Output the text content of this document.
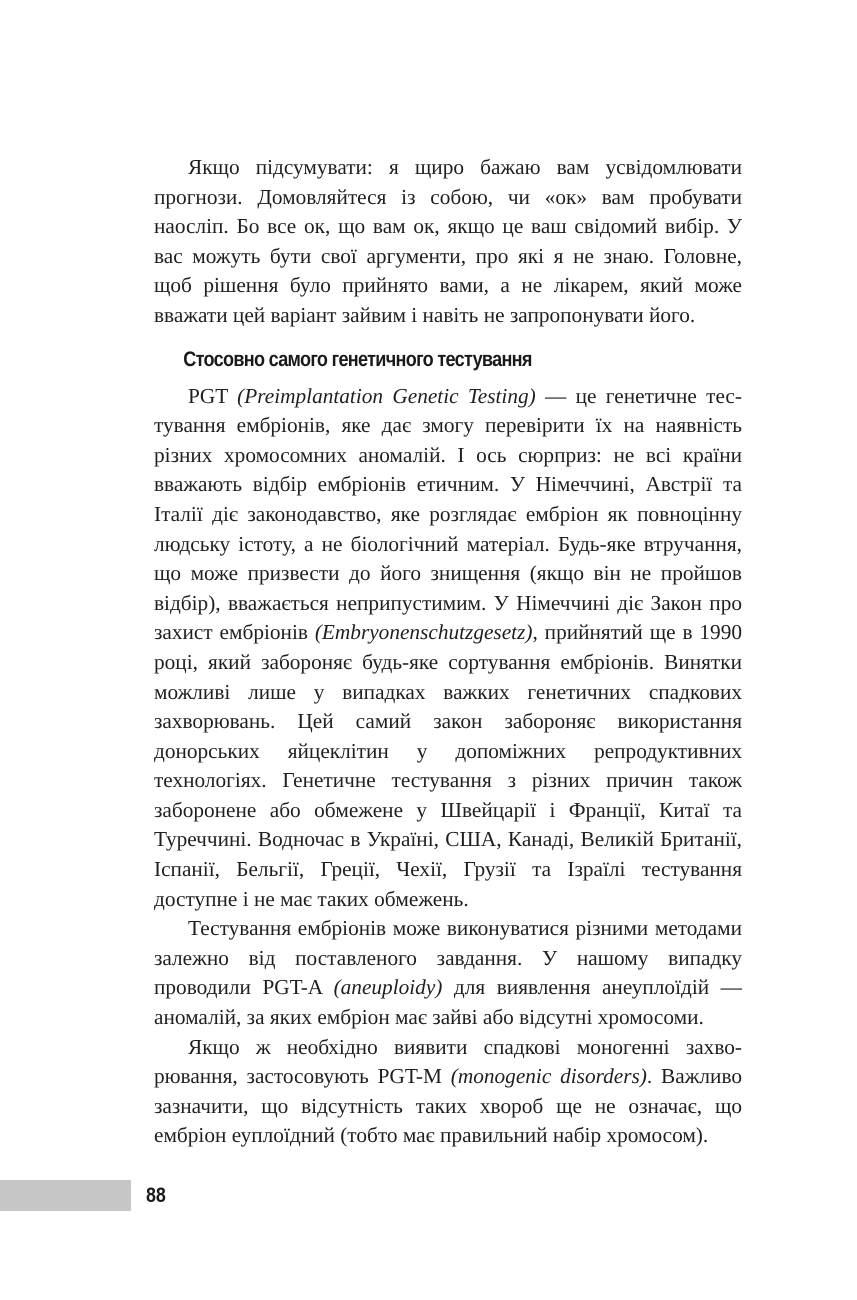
Якщо підсумувати: я щиро бажаю вам усвідомлювати прогнози. Домовляйтеся із собою, чи «ок» вам пробувати наосліп. Бо все ок, що вам ок, якщо це ваш свідомий вибір. У вас можуть бути свої аргументи, про які я не знаю. Головне, щоб рішення було прийнято вами, а не лікарем, який може вважати цей варіант зайвим і навіть не запропонувати його.

Стосовно самого генетичного тестування

PGT (Preimplantation Genetic Testing) — це генетичне тестування ембріонів, яке дає змогу перевірити їх на наявність різних хромосомних аномалій. І ось сюрприз: не всі країни вважають відбір ембріонів етичним. У Німеччині, Австрії та Італії діє законодавство, яке розглядає ембріон як повноцінну людську істоту, а не біологічний матеріал. Будь-яке втручання, що може призвести до його знищення (якщо він не пройшов відбір), вважається неприпустимим. У Німеччині діє Закон про захист ембріонів (Embryonenschutzgesetz), прийнятий ще в 1990 році, який забороняє будь-яке сортування ембріонів. Винятки можливі лише у випадках важких генетичних спадкових захворювань. Цей самий закон забороняє використання донорських яйцеклітин у допоміжних репродуктивних технологіях. Генетичне тестування з різних причин також заборонене або обмежене у Швейцарії і Франції, Китаї та Туреччині. Водночас в Україні, США, Канаді, Великій Британії, Іспанії, Бельгії, Греції, Чехії, Грузії та Ізраїлі тестування доступне і не має таких обмежень.

Тестування ембріонів може виконуватися різними методами залежно від поставленого завдання. У нашому випадку проводили PGT-A (aneuploidy) для виявлення анеуплоїдій — аномалій, за яких ембріон має зайві або відсутні хромосоми.

Якщо ж необхідно виявити спадкові моногенні захворювання, застосовують PGT-M (monogenic disorders). Важливо зазначити, що відсутність таких хвороб ще не означає, що ембріон еуплоїдний (тобто має правильний набір хромосом).

88
